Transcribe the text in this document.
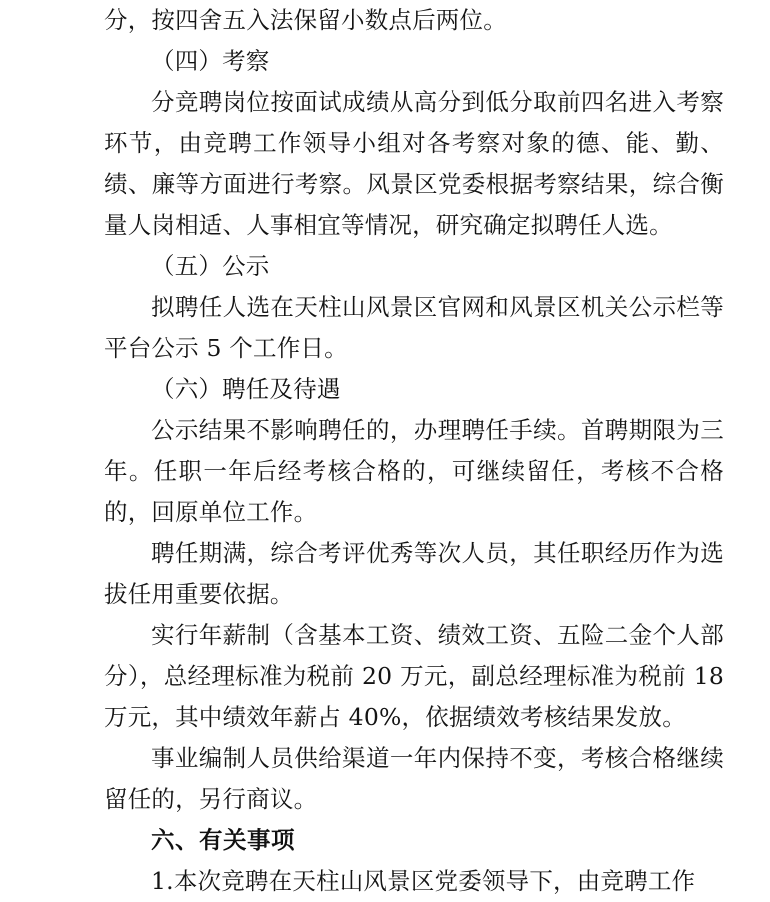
分，按四舍五入法保留小数点后两位。

（四）考察

分竞聘岗位按面试成绩从高分到低分取前四名进入考察环节，由竞聘工作领导小组对各考察对象的德、能、勤、绩、廉等方面进行考察。风景区党委根据考察结果，综合衡量人岗相适、人事相宜等情况，研究确定拟聘任人选。

（五）公示

拟聘任人选在天柱山风景区官网和风景区机关公示栏等平台公示 5 个工作日。

（六）聘任及待遇

公示结果不影响聘任的，办理聘任手续。首聘期限为三年。任职一年后经考核合格的，可继续留任，考核不合格的，回原单位工作。

聘任期满，综合考评优秀等次人员，其任职经历作为选拔任用重要依据。

实行年薪制（含基本工资、绩效工资、五险二金个人部分），总经理标准为税前 20 万元，副总经理标准为税前 18 万元，其中绩效年薪占 40%，依据绩效考核结果发放。

事业编制人员供给渠道一年内保持不变，考核合格继续留任的，另行商议。

六、有关事项

1.本次竞聘在天柱山风景区党委领导下，由竞聘工作
